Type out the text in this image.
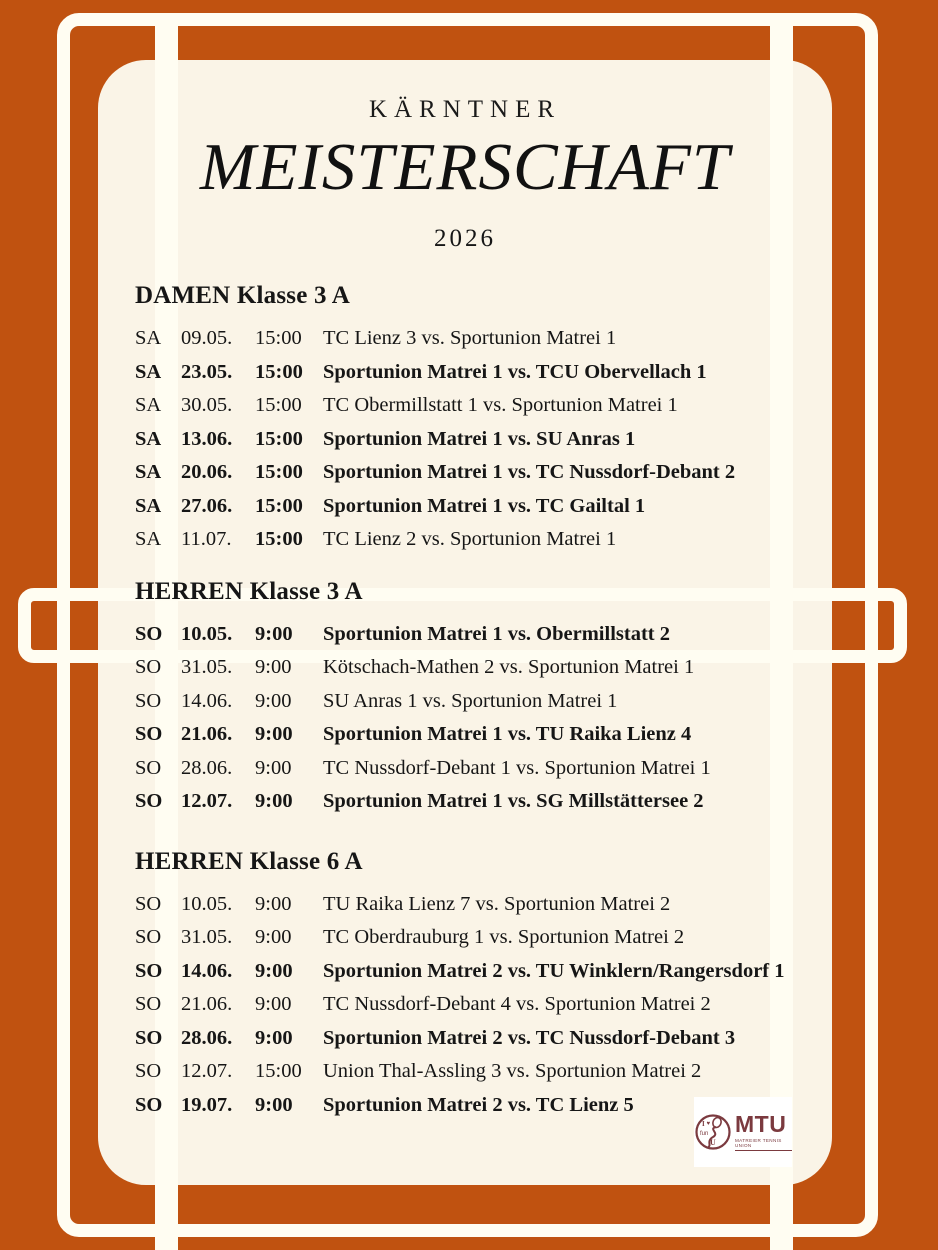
KÄRNTNER
MEISTERSCHAFT
2026
DAMEN Klasse 3 A
SA 09.05.	15:00	TC Lienz 3 vs. Sportunion Matrei 1
SA 23.05.	15:00 Sportunion Matrei 1 vs. TCU Obervellach 1
SA 30.05.	15:00	TC Obermillstatt 1 vs. Sportunion Matrei 1
SA 13.06.	15:00 Sportunion Matrei 1 vs. SU Anras 1
SA 20.06.	15:00 Sportunion Matrei 1 vs. TC Nussdorf-Debant 2
SA 27.06.	15:00 Sportunion Matrei 1 vs. TC Gailtal 1
SA 11.07.	15:00 TC Lienz 2 vs. Sportunion Matrei 1
HERREN Klasse 3 A
SO 10.05.	9:00	Sportunion Matrei 1 vs. Obermillstatt 2
SO 31.05.	9:00	Kötschach-Mathen 2 vs. Sportunion Matrei 1
SO 14.06.	9:00	SU Anras 1 vs. Sportunion Matrei 1
SO 21.06.	9:00	Sportunion Matrei 1 vs. TU Raika Lienz 4
SO 28.06.	9:00	TC Nussdorf-Debant 1 vs. Sportunion Matrei 1
SO 12.07.	9:00	Sportunion Matrei 1 vs. SG Millstättersee 2
HERREN Klasse 6 A
SO 10.05.	9:00	TU Raika Lienz 7 vs. Sportunion Matrei 2
SO 31.05.	9:00	TC Oberdrauburg 1 vs. Sportunion Matrei 2
SO 14.06.	9:00	Sportunion Matrei 2 vs. TU Winklern/Rangersdorf 1
SO 21.06.	9:00	TC Nussdorf-Debant 4 vs. Sportunion Matrei 2
SO 28.06.	9:00	Sportunion Matrei 2 vs. TC Nussdorf-Debant 3
SO 12.07.	15:00	Union Thal-Assling 3 vs. Sportunion Matrei 2
SO 19.07.	9:00	Sportunion Matrei 2 vs. TC Lienz 5
I ♥
fun
U
MTU
MATREIER TENNIS UNION
